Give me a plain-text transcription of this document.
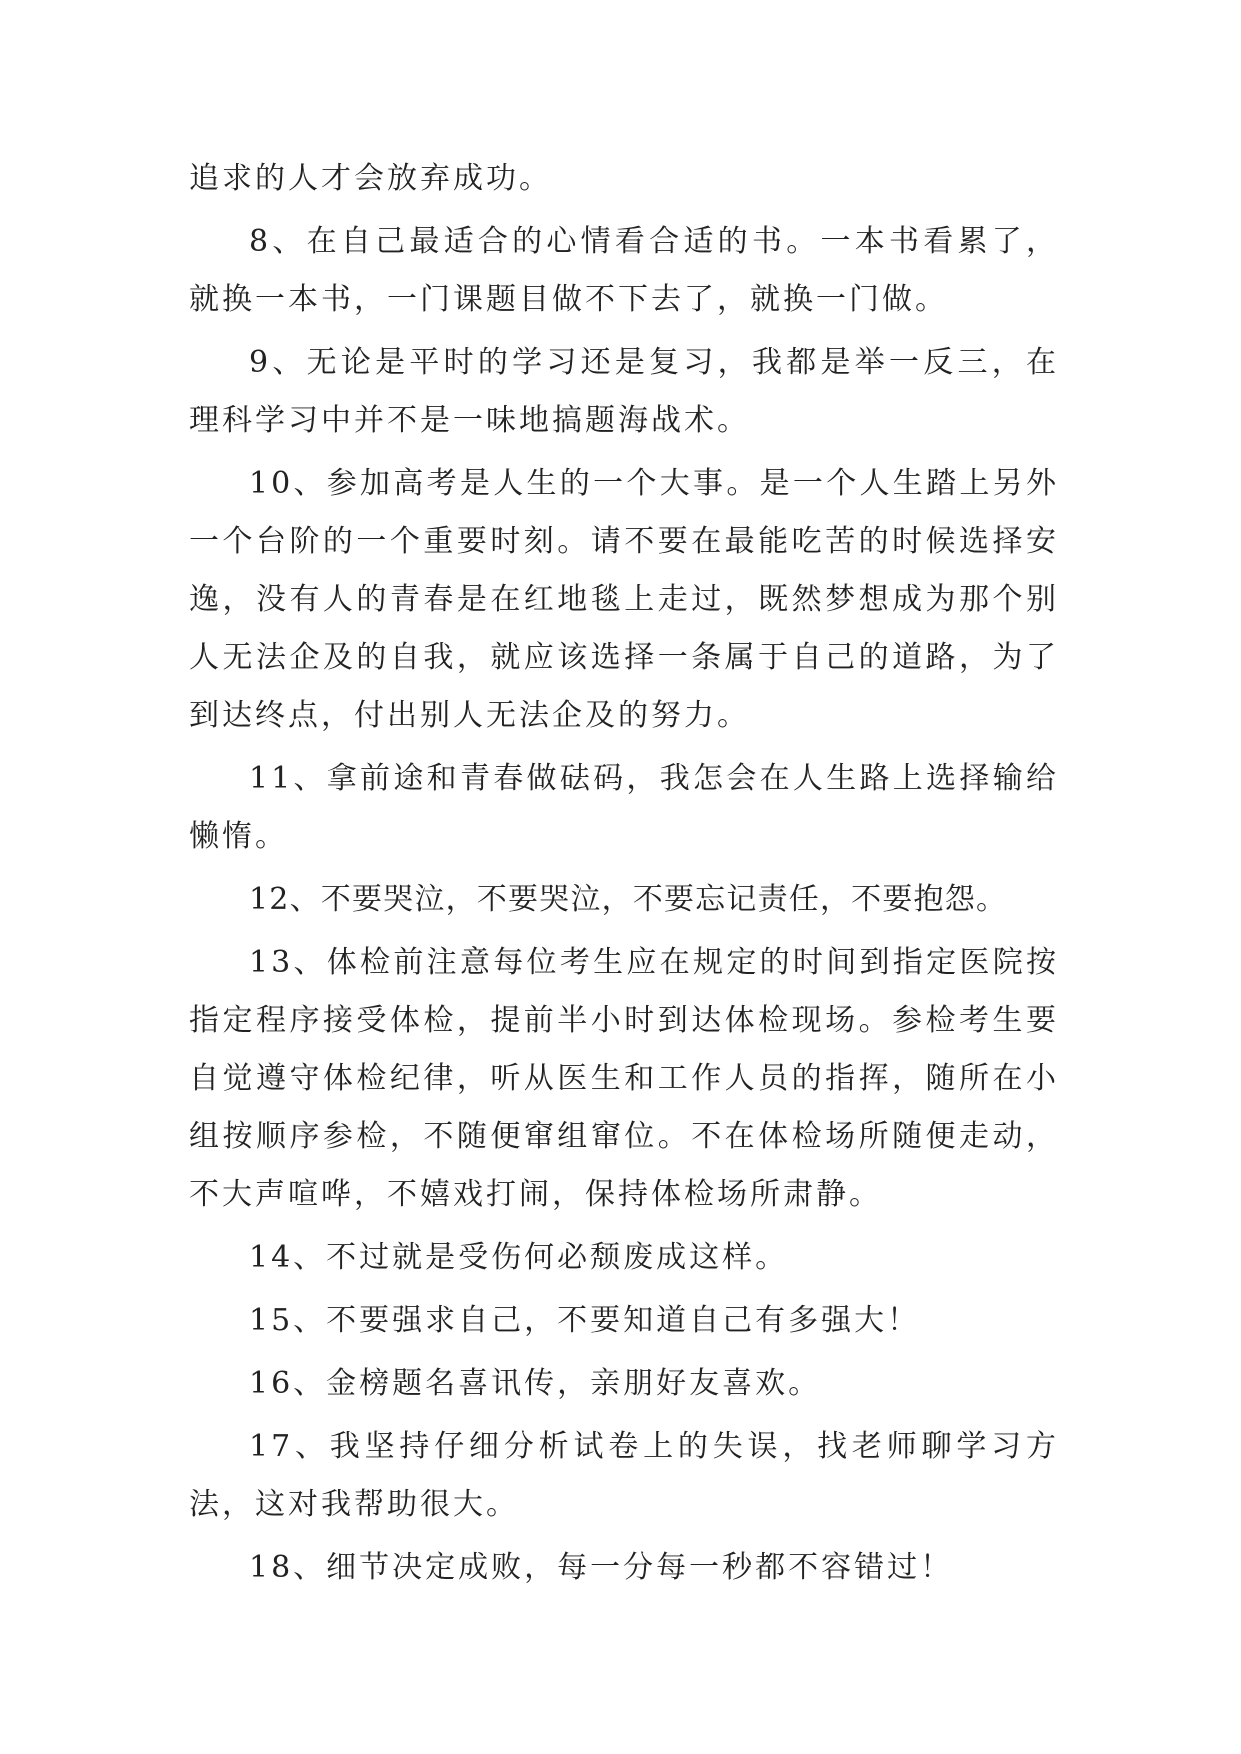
追求的人才会放弃成功。

8、在自己最适合的心情看合适的书。一本书看累了，就换一本书，一门课题目做不下去了，就换一门做。

9、无论是平时的学习还是复习，我都是举一反三，在理科学习中并不是一味地搞题海战术。

10、参加高考是人生的一个大事。是一个人生踏上另外一个台阶的一个重要时刻。请不要在最能吃苦的时候选择安逸，没有人的青春是在红地毯上走过，既然梦想成为那个别人无法企及的自我，就应该选择一条属于自己的道路，为了到达终点，付出别人无法企及的努力。

11、拿前途和青春做砝码，我怎会在人生路上选择输给懒惰。

12、不要哭泣，不要哭泣，不要忘记责任，不要抱怨。

13、体检前注意每位考生应在规定的时间到指定医院按指定程序接受体检，提前半小时到达体检现场。参检考生要自觉遵守体检纪律，听从医生和工作人员的指挥，随所在小组按顺序参检，不随便窜组窜位。不在体检场所随便走动，不大声喧哗，不嬉戏打闹，保持体检场所肃静。

14、不过就是受伤何必颓废成这样。

15、不要强求自己，不要知道自己有多强大！

16、金榜题名喜讯传，亲朋好友喜欢。

17、我坚持仔细分析试卷上的失误，找老师聊学习方法，这对我帮助很大。

18、细节决定成败，每一分每一秒都不容错过！
